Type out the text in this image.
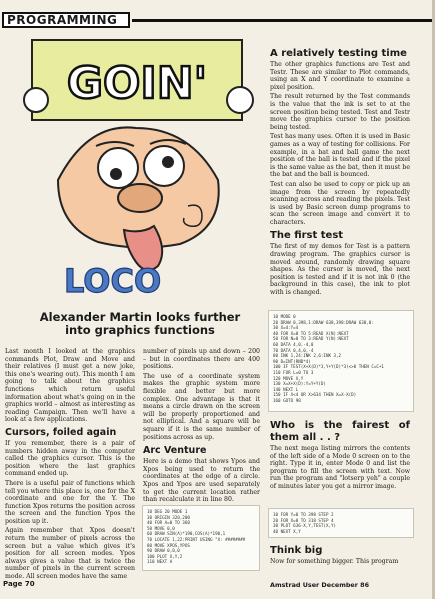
PROGRAMMING
GOIN'
LOCO
Alexander Martin looks further into graphics functions

Last month I looked at the graphics commands Plot, Draw and Move and their relatives (I must get a new joke, this one's wearing out). This month I am going to talk about the graphics functions which return useful information about what's going on in the graphics world – almost as interesting as reading Campaign. Then we'll have a look at a few applications.

Cursors, foiled again

If you remember, there is a pair of numbers hidden away in the computer called the graphics cursor. This is the position where the last graphics command ended up.

There is a useful pair of functions which tell you where this place is, one for the X coordinate and one for the Y. The function Xpos returns the position across the screen and the function Ypos the position up it.

Again remember that Xpos doesn't return the number of pixels across the screen but a value which gives it's position for all screen modes. Ypos always gives a value that is twice the number of pixels in the current screen mode. All screen modes have the same

number of pixels up and down – 200 – but in coordinates there are 400 positions.

The use of a coordinate system makes the graphic system more flexible and better but more complex. One advantage is that it means a circle drawn on the screen will be properly proportioned and not elliptical. And a square will be square if it is the same number of positions across as up.

Arc Venture

Here is a demo that shows Ypos and Xpos being used to return the coordinates at the edge of a circle. Xpos and Ypos are used separately to get the current location rather than recalculate it in line 80.

10 DEG 20 MODE 1
30 ORIGIN 320,200
40 FOR A=0 TO 360
50 MOVE 0,0
60 DRAW SIN(A)*190,COS(A)*190,1
70 LOCATE 1,22:PRINT USING "X: ########
80 MOVE XPOS,YPOS
90 DRAW 0,0,0
100 PLOT X,Y,2
110 NEXT A
A relatively testing time

The other graphics functions are Test and Testr. These are similar to Plot commands, using an X and Y coordinate to examine a pixel position.

The result returned by the Test commands is the value that the ink is set to at the screen position being tested. Test and Testr move the graphics cursor to the position being tested.

Test has many uses. Often it is used in Basic games as a way of testing for collisions. For example, in a bat and ball game the next position of the ball is tested and if the pixel is the same value as the bat, then it must be the bat and the ball is bounced.

Test can also be used to copy or pick up an image from the screen by repeatedly scanning across and reading the pixels. Test is used by Basic screen dump programs to scan the screen image and convert it to characters.

The first test

The first of my demos for Test is a pattern drawing program. The graphics cursor is moved around, randomly drawing square shapes. As the cursor is moved, the next position is tested and if it is not ink 0 (the background in this case), the ink to plot with is changed.

10 MODE 0
20 DRAW 0,398,1:DRAW 638,398:DRAW 638,0:
30 X=4:Y=4
40 FOR X=0 TO 5:READ X(N):NEXT
50 FOR N=0 TO 3:READ Y(N):NEXT
60 DATA 4,0,-4,0
70 DATA 0,4,0,-4
80 INK 1,24:INK 2,6:INK 3,2
90 D=INT(RND*4)
100 IF TEST(X+X(D)*3,Y+Y(D)*3)<>0 THEN C=C+1
110 FOR L=0 TO 3
120 MOVE X,Y
130 X=X+X(D):Y=Y+Y(D)
140 NEXT L
150 IF X<4 OR X>634 THEN X=X-X(D)
160 GOTO 90
Who is the fairest of them all . . ?

The next mega listing mirrors the contents of the left side of a Mode 0 screen on to the right. Type it in, enter Mode 0 and list the program to fill the screen with text. Now run the program and "lotserp yeh" a couple of minutes later you get a mirror image.

10 FOR Y=0 TO 398 STEP 2
20 FOR X=0 TO 318 STEP 4
30 PLOT 636-X,Y,TEST(X,Y)
40 NEXT X,Y
Think big

Now for something bigger. This program

Page 70	Amstrad User December 86
